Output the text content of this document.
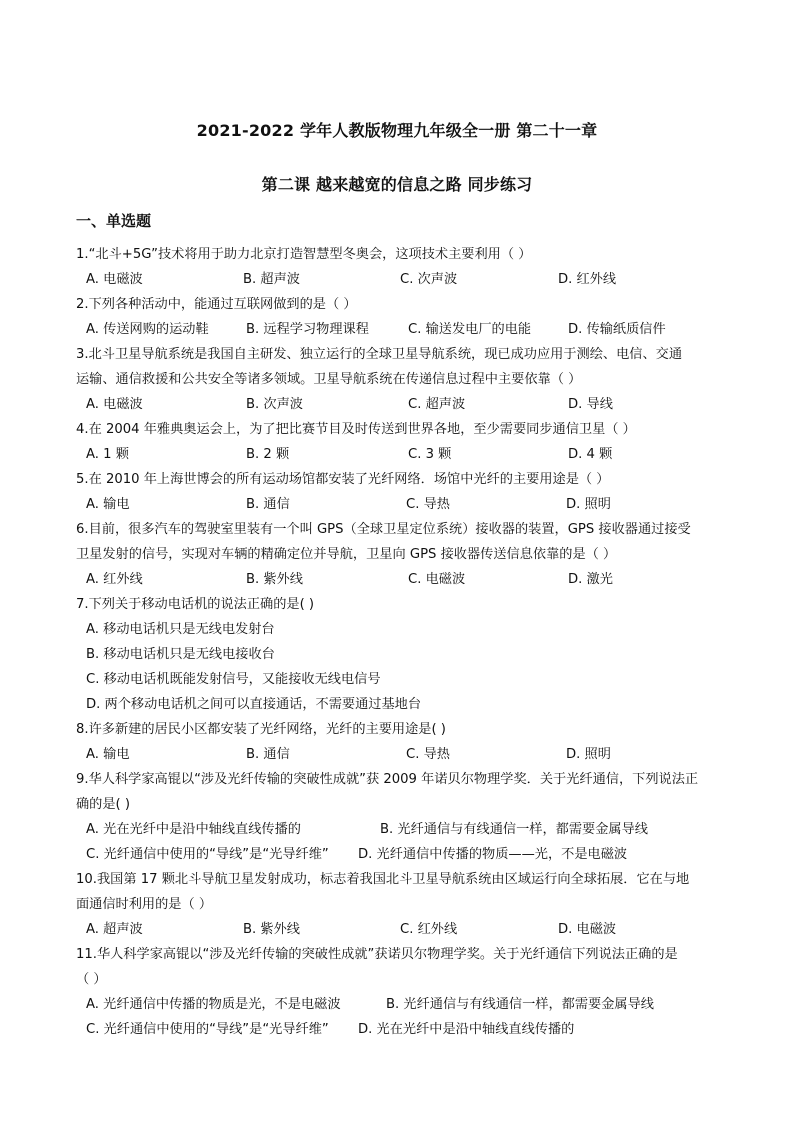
2021-2022 学年人教版物理九年级全一册 第二十一章
第二课 越来越宽的信息之路 同步练习
一、单选题
1.“北斗+5G”技术将用于助力北京打造智慧型冬奥会，这项技术主要利用（ ）
A. 电磁波	B. 超声波	C. 次声波	D. 红外线
2.下列各种活动中，能通过互联网做到的是（ ）
A. 传送网购的运动鞋	B. 远程学习物理课程	C. 输送发电厂的电能	D. 传输纸质信件
3.北斗卫星导航系统是我国自主研发、独立运行的全球卫星导航系统，现已成功应用于测绘、电信、交通
运输、通信救援和公共安全等诸多领域。卫星导航系统在传递信息过程中主要依靠（ ）
A. 电磁波	B. 次声波	C. 超声波	D. 导线
4.在 2004 年雅典奥运会上，为了把比赛节目及时传送到世界各地，至少需要同步通信卫星（ ）
A. 1 颗	B. 2 颗	C. 3 颗	D. 4 颗
5.在 2010 年上海世博会的所有运动场馆都安装了光纤网络．场馆中光纤的主要用途是（ ）
A. 输电	B. 通信	C. 导热	D. 照明
6.目前，很多汽车的驾驶室里装有一个叫 GPS（全球卫星定位系统）接收器的装置，GPS 接收器通过接受
卫星发射的信号，实现对车辆的精确定位并导航，卫星向 GPS 接收器传送信息依靠的是（ ）
A. 红外线	B. 紫外线	C. 电磁波	D. 激光
7.下列关于移动电话机的说法正确的是( )
A. 移动电话机只是无线电发射台
B. 移动电话机只是无线电接收台
C. 移动电话机既能发射信号，又能接收无线电信号
D. 两个移动电话机之间可以直接通话，不需要通过基地台
8.许多新建的居民小区都安装了光纤网络，光纤的主要用途是( )
A. 输电	B. 通信	C. 导热	D. 照明
9.华人科学家高锟以“涉及光纤传输的突破性成就”获 2009 年诺贝尔物理学奖．关于光纤通信，下列说法正
确的是( )
A. 光在光纤中是沿中轴线直线传播的	B. 光纤通信与有线通信一样，都需要金属导线
C. 光纤通信中使用的“导线”是“光导纤维” D. 光纤通信中传播的物质——光，不是电磁波
10.我国第 17 颗北斗导航卫星发射成功，标志着我国北斗卫星导航系统由区域运行向全球拓展．它在与地
面通信时利用的是（ ）
A. 超声波	B. 紫外线	C. 红外线	D. 电磁波
11.华人科学家高锟以“涉及光纤传输的突破性成就”获诺贝尔物理学奖。关于光纤通信下列说法正确的是
（ ）
A. 光纤通信中传播的物质是光，不是电磁波	B. 光纤通信与有线通信一样，都需要金属导线
C. 光纤通信中使用的“导线”是“光导纤维” D. 光在光纤中是沿中轴线直线传播的
